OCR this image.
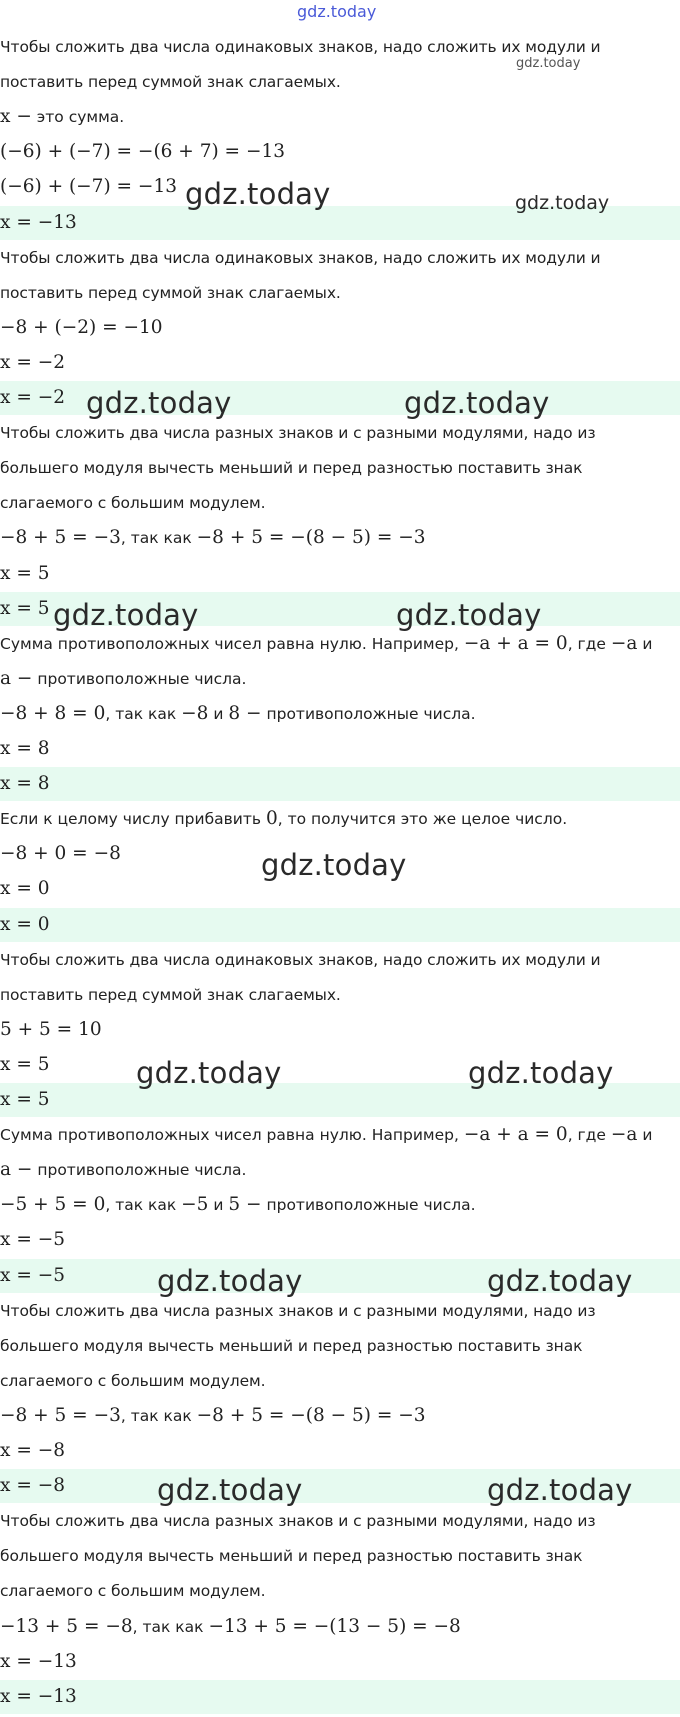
Чтобы сложить два числа одинаковых знаков, надо сложить их модули и
поставить перед суммой знак слагаемых.
x − это сумма.
(−6) + (−7) = −(6 + 7) = −13
(−6) + (−7) = −13
x = −13
Чтобы сложить два числа одинаковых знаков, надо сложить их модули и
поставить перед суммой знак слагаемых.
−8 + (−2) = −10
x = −2
x = −2
Чтобы сложить два числа разных знаков и с разными модулями, надо из
большего модуля вычесть меньший и перед разностью поставить знак
слагаемого с большим модулем.
−8 + 5 = −3, так как −8 + 5 = −(8 − 5) = −3
x = 5
x = 5
Сумма противоположных чисел равна нулю. Например, −a + a = 0, где −a и
a − противоположные числа.
−8 + 8 = 0, так как −8 и 8 − противоположные числа.
x = 8
x = 8
Если к целому числу прибавить 0, то получится это же целое число.
−8 + 0 = −8
x = 0
x = 0
Чтобы сложить два числа одинаковых знаков, надо сложить их модули и
поставить перед суммой знак слагаемых.
5 + 5 = 10
x = 5
x = 5
Сумма противоположных чисел равна нулю. Например, −a + a = 0, где −a и
a − противоположные числа.
−5 + 5 = 0, так как −5 и 5 − противоположные числа.
x = −5
x = −5
Чтобы сложить два числа разных знаков и с разными модулями, надо из
большего модуля вычесть меньший и перед разностью поставить знак
слагаемого с большим модулем.
−8 + 5 = −3, так как −8 + 5 = −(8 − 5) = −3
x = −8
x = −8
Чтобы сложить два числа разных знаков и с разными модулями, надо из
большего модуля вычесть меньший и перед разностью поставить знак
слагаемого с большим модулем.
−13 + 5 = −8, так как −13 + 5 = −(13 − 5) = −8
x = −13
x = −13
gdz.today
gdz.today
gdz.today	gdz.today
gdz.today	gdz.today
gdz.today	gdz.today
gdz.today
gdz.today	gdz.today
gdz.today	gdz.today
gdz.today	gdz.today
